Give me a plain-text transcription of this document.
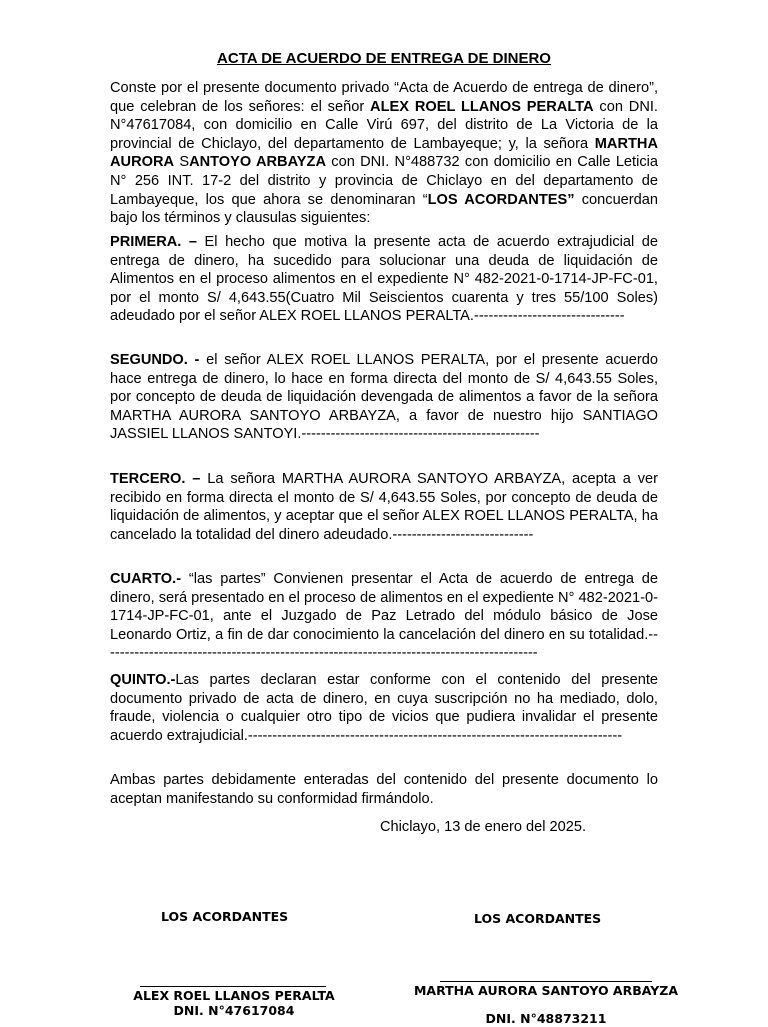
ACTA DE ACUERDO DE ENTREGA DE DINERO
Conste por el presente documento privado “Acta de Acuerdo de entrega de dinero”, que celebran de los señores: el señor ALEX ROEL LLANOS PERALTA con DNI. N°47617084, con domicilio en Calle Virú 697, del distrito de La Victoria de la provincial de Chiclayo, del departamento de Lambayeque; y, la señora MARTHA AURORA SANTOYO ARBAYZA con DNI. N°488732 con domicilio en Calle Leticia N° 256 INT. 17-2 del distrito y provincia de Chiclayo en del departamento de Lambayeque, los que ahora se denominaran “LOS ACORDANTES” concuerdan bajo los términos y clausulas siguientes:
PRIMERA. – El hecho que motiva la presente acta de acuerdo extrajudicial de entrega de dinero, ha sucedido para solucionar una deuda de liquidación de Alimentos en el proceso alimentos en el expediente N° 482-2021-0-1714-JP-FC-01, por el monto S/ 4,643.55(Cuatro Mil Seiscientos cuarenta y tres 55/100 Soles) adeudado por el señor ALEX ROEL LLANOS PERALTA.-------------------------------
SEGUNDO. - el señor ALEX ROEL LLANOS PERALTA, por el presente acuerdo hace entrega de dinero, lo hace en forma directa del monto de S/ 4,643.55 Soles, por concepto de deuda de liquidación devengada de alimentos a favor de la señora MARTHA AURORA SANTOYO ARBAYZA, a favor de nuestro hijo SANTIAGO JASSIEL LLANOS SANTOYI.-------------------------------------------------
TERCERO. – La señora MARTHA AURORA SANTOYO ARBAYZA, acepta a ver recibido en forma directa el monto de S/ 4,643.55 Soles, por concepto de deuda de liquidación de alimentos, y aceptar que el señor ALEX ROEL LLANOS PERALTA, ha cancelado la totalidad del dinero adeudado.-----------------------------
CUARTO.- “las partes” Convienen presentar el Acta de acuerdo de entrega de dinero, será presentado en el proceso de alimentos en el expediente N° 482-2021-0-1714-JP-FC-01, ante el Juzgado de Paz Letrado del módulo básico de Jose Leonardo Ortiz, a fin de dar conocimiento la cancelación del dinero en su totalidad.------------------------------------------------------------------------------------------
QUINTO.-Las partes declaran estar conforme con el contenido del presente documento privado de acta de dinero, en cuya suscripción no ha mediado, dolo, fraude, violencia o cualquier otro tipo de vicios que pudiera invalidar el presente acuerdo extrajudicial.-----------------------------------------------------------------------------
Ambas partes debidamente enteradas del contenido del presente documento lo aceptan manifestando su conformidad firmándolo.
Chiclayo, 13 de enero del 2025.
LOS ACORDANTES
ALEX ROEL LLANOS PERALTA
DNI. N°47617084
LOS ACORDANTES
MARTHA AURORA SANTOYO ARBAYZA
DNI. N°48873211
